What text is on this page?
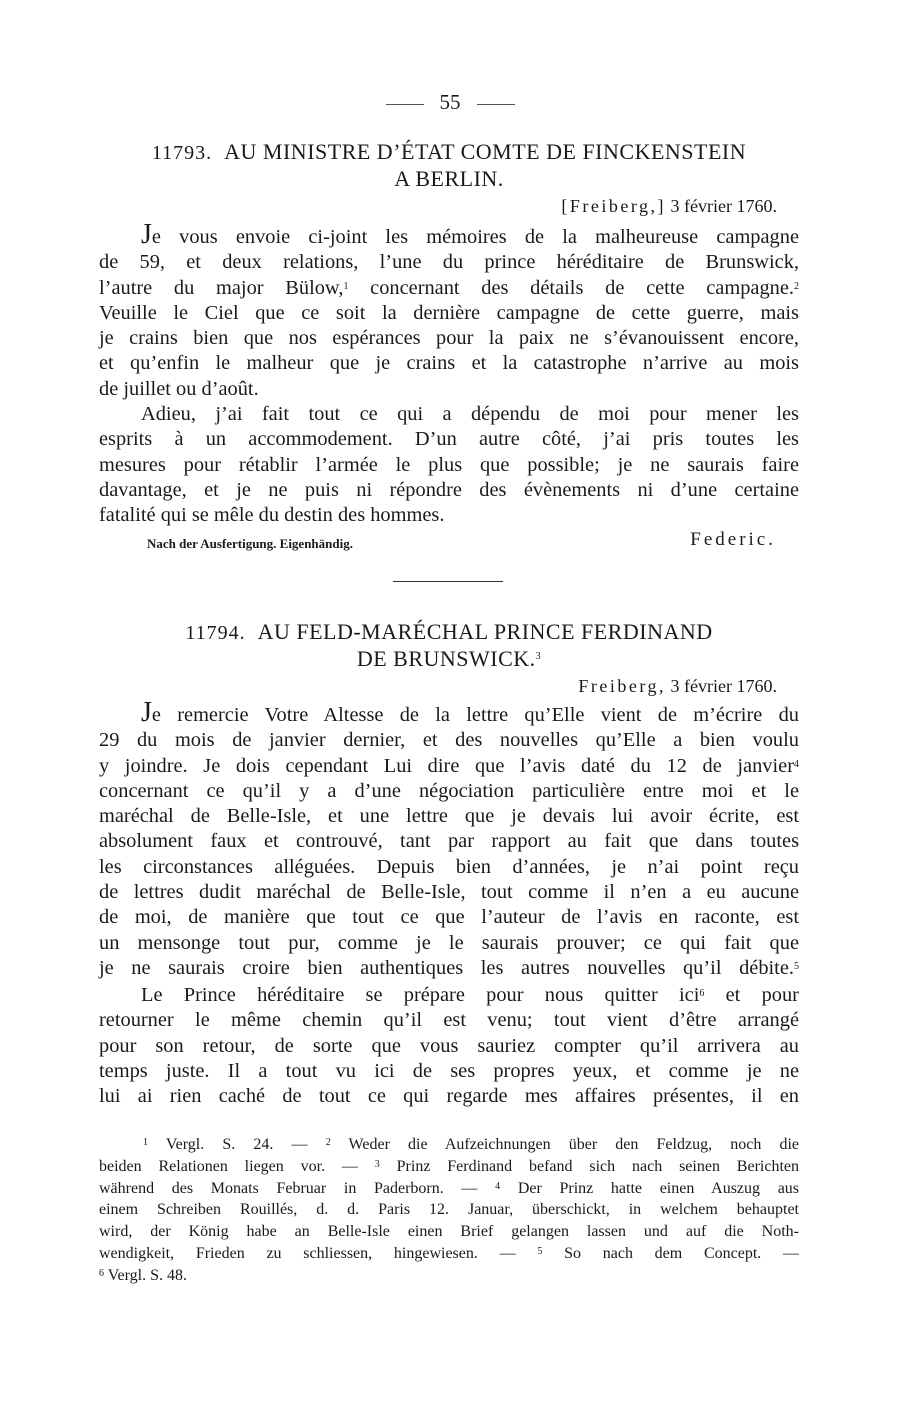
55
11793. AU MINISTRE D’ÉTAT COMTE DE FINCKENSTEIN
A BERLIN.
[Freiberg,] 3 février 1760.
Je vous envoie ci-joint les mémoires de la malheureuse campagne
de 59, et deux relations, l’une du prince héréditaire de Brunswick,
l’autre du major Bülow,$^1$ concernant des détails de cette campagne.$^2$
Veuille le Ciel que ce soit la dernière campagne de cette guerre, mais
je crains bien que nos espérances pour la paix ne s’évanouissent encore,
et qu’enfin le malheur que je crains et la catastrophe n’arrive au mois
de juillet ou d’août.
Adieu, j’ai fait tout ce qui a dépendu de moi pour mener les
esprits à un accommodement. D’un autre côté, j’ai pris toutes les
mesures pour rétablir l’armée le plus que possible; je ne saurais faire
davantage, et je ne puis ni répondre des évènements ni d’une certaine
fatalité qui se mêle du destin des hommes.
Nach der Ausfertigung. Eigenhändig.	Federic.
11794. AU FELD-MARÉCHAL PRINCE FERDINAND
DE BRUNSWICK.$^3$
Freiberg, 3 février 1760.
Je remercie Votre Altesse de la lettre qu’Elle vient de m’écrire du
29 du mois de janvier dernier, et des nouvelles qu’Elle a bien voulu
y joindre. Je dois cependant Lui dire que l’avis daté du 12 de janvier$^4$
concernant ce qu’il y a d’une négociation particulière entre moi et le
maréchal de Belle-Isle, et une lettre que je devais lui avoir écrite, est
absolument faux et controuvé, tant par rapport au fait que dans toutes
les circonstances alléguées. Depuis bien d’années, je n’ai point reçu
de lettres dudit maréchal de Belle-Isle, tout comme il n’en a eu aucune
de moi, de manière que tout ce que l’auteur de l’avis en raconte, est
un mensonge tout pur, comme je le saurais prouver; ce qui fait que
je ne saurais croire bien authentiques les autres nouvelles qu’il débite.$^5$
Le Prince héréditaire se prépare pour nous quitter ici$^6$ et pour
retourner le même chemin qu’il est venu; tout vient d’être arrangé
pour son retour, de sorte que vous sauriez compter qu’il arrivera au
temps juste. Il a tout vu ici de ses propres yeux, et comme je ne
lui ai rien caché de tout ce qui regarde mes affaires présentes, il en
$^1$ Vergl. S. 24. — $^2$ Weder die Aufzeichnungen über den Feldzug, noch die
beiden Relationen liegen vor. — $^3$ Prinz Ferdinand befand sich nach seinen Berichten
während des Monats Februar in Paderborn. — $^4$ Der Prinz hatte einen Auszug aus
einem Schreiben Rouillés, d. d. Paris 12. Januar, überschickt, in welchem behauptet
wird, der König habe an Belle-Isle einen Brief gelangen lassen und auf die Noth-
wendigkeit, Frieden zu schliessen, hingewiesen. — $^5$ So nach dem Concept. —
$^6$ Vergl. S. 48.
